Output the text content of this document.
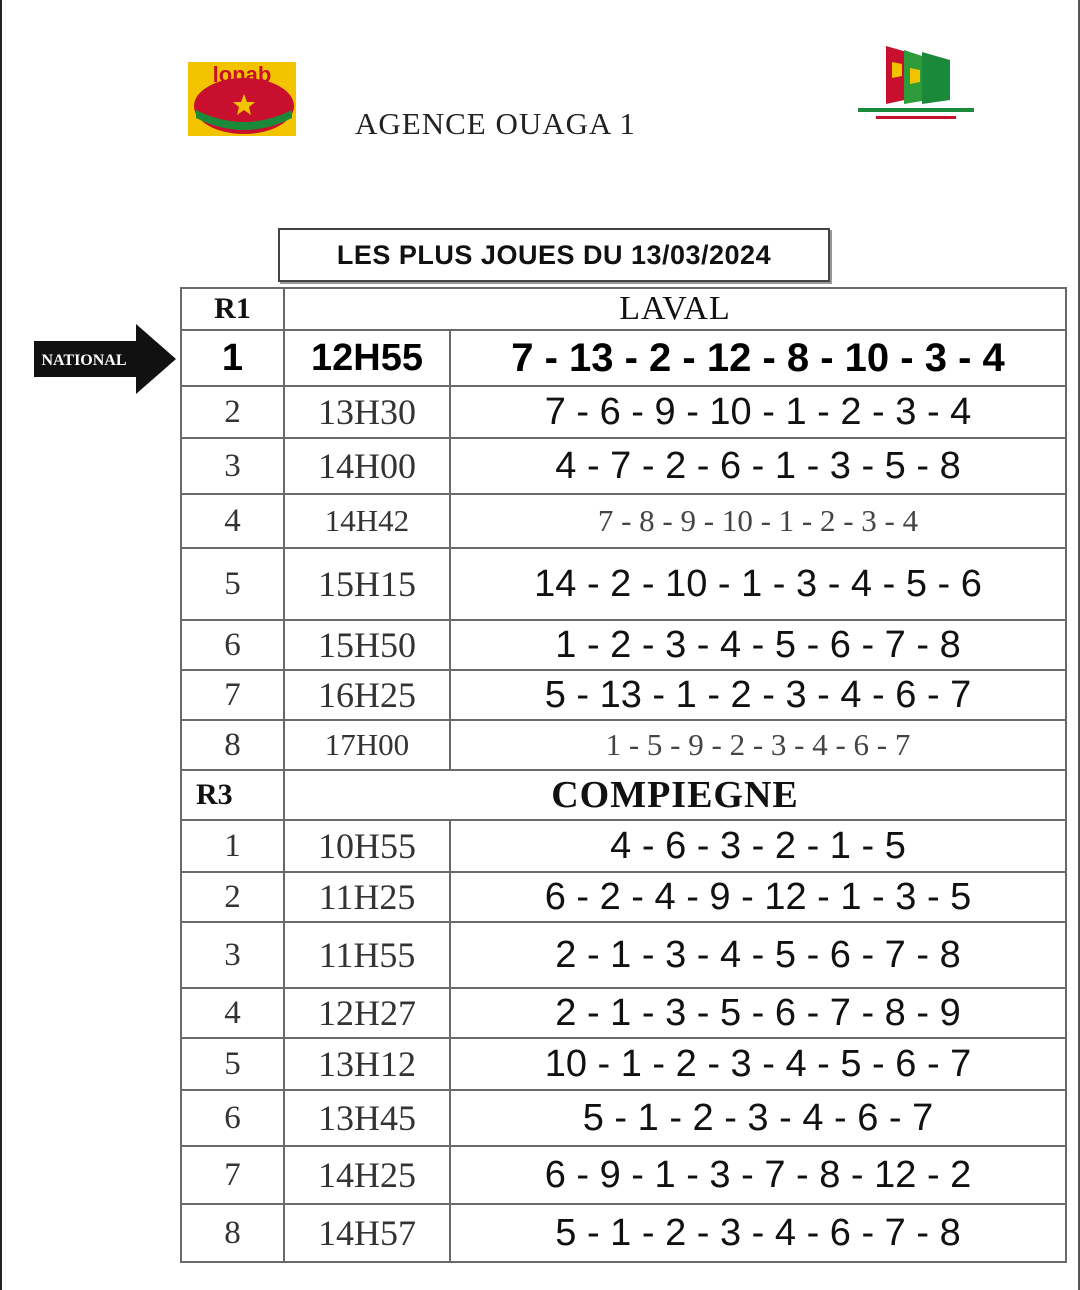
lonab
AGENCE OUAGA 1
LES PLUS JOUES DU 13/03/2024
NATIONAL
R1	LAVAL	
1	12H55	7 - 13 - 2 - 12 - 8 - 10 - 3 - 4
2	13H30	7 - 6 - 9 - 10 - 1 - 2 - 3 - 4
3	14H00	4 - 7 - 2 - 6 - 1 - 3 - 5 - 8
4	14H42	7 - 8 - 9 - 10 - 1 - 2 - 3 - 4
5	15H15	14 - 2 - 10 - 1 - 3 - 4 - 5 - 6
6	15H50	1 - 2 - 3 - 4 - 5 - 6 - 7 - 8
7	16H25	5 - 13 - 1 - 2 - 3 - 4 - 6 - 7
8	17H00	1 - 5 - 9 - 2 - 3 - 4 - 6 - 7
R3	COMPIEGNE	
1	10H55	4 - 6 - 3 - 2 - 1 - 5
2	11H25	6 - 2 - 4 - 9 - 12 - 1 - 3 - 5
3	11H55	2 - 1 - 3 - 4 - 5 - 6 - 7 - 8
4	12H27	2 - 1 - 3 - 5 - 6 - 7 - 8 - 9
5	13H12	10 - 1 - 2 - 3 - 4 - 5 - 6 - 7
6	13H45	5 - 1 - 2 - 3 - 4 - 6 - 7
7	14H25	6 - 9 - 1 - 3 - 7 - 8 - 12 - 2
8	14H57	5 - 1 - 2 - 3 - 4 - 6 - 7 - 8
